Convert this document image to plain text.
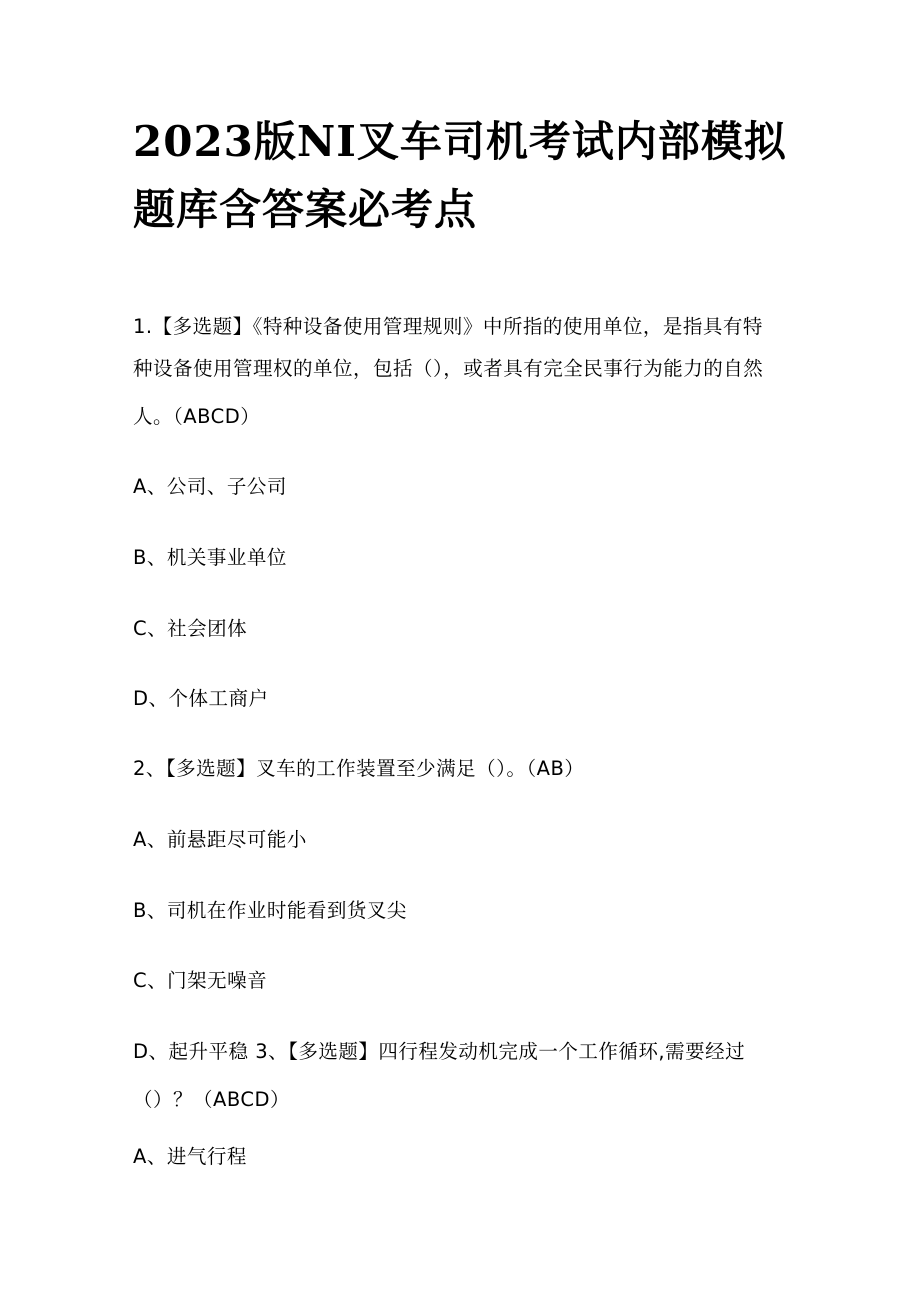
2023版NI叉车司机考试内部模拟
题库含答案必考点

1.【多选题】《特种设备使用管理规则》中所指的使用单位，是指具有特

种设备使用管理权的单位，包括（），或者具有完全民事行为能力的自然

人。（ABCD）

A、公司、子公司

B、机关事业单位

C、社会团体

D、个体工商户

2、【多选题】叉车的工作装置至少满足（）。（AB）

A、前悬距尽可能小

B、司机在作业时能看到货叉尖

C、门架无噪音

D、起升平稳 3、【多选题】四行程发动机完成一个工作循环,需要经过

（）？（ABCD）

A、进气行程
